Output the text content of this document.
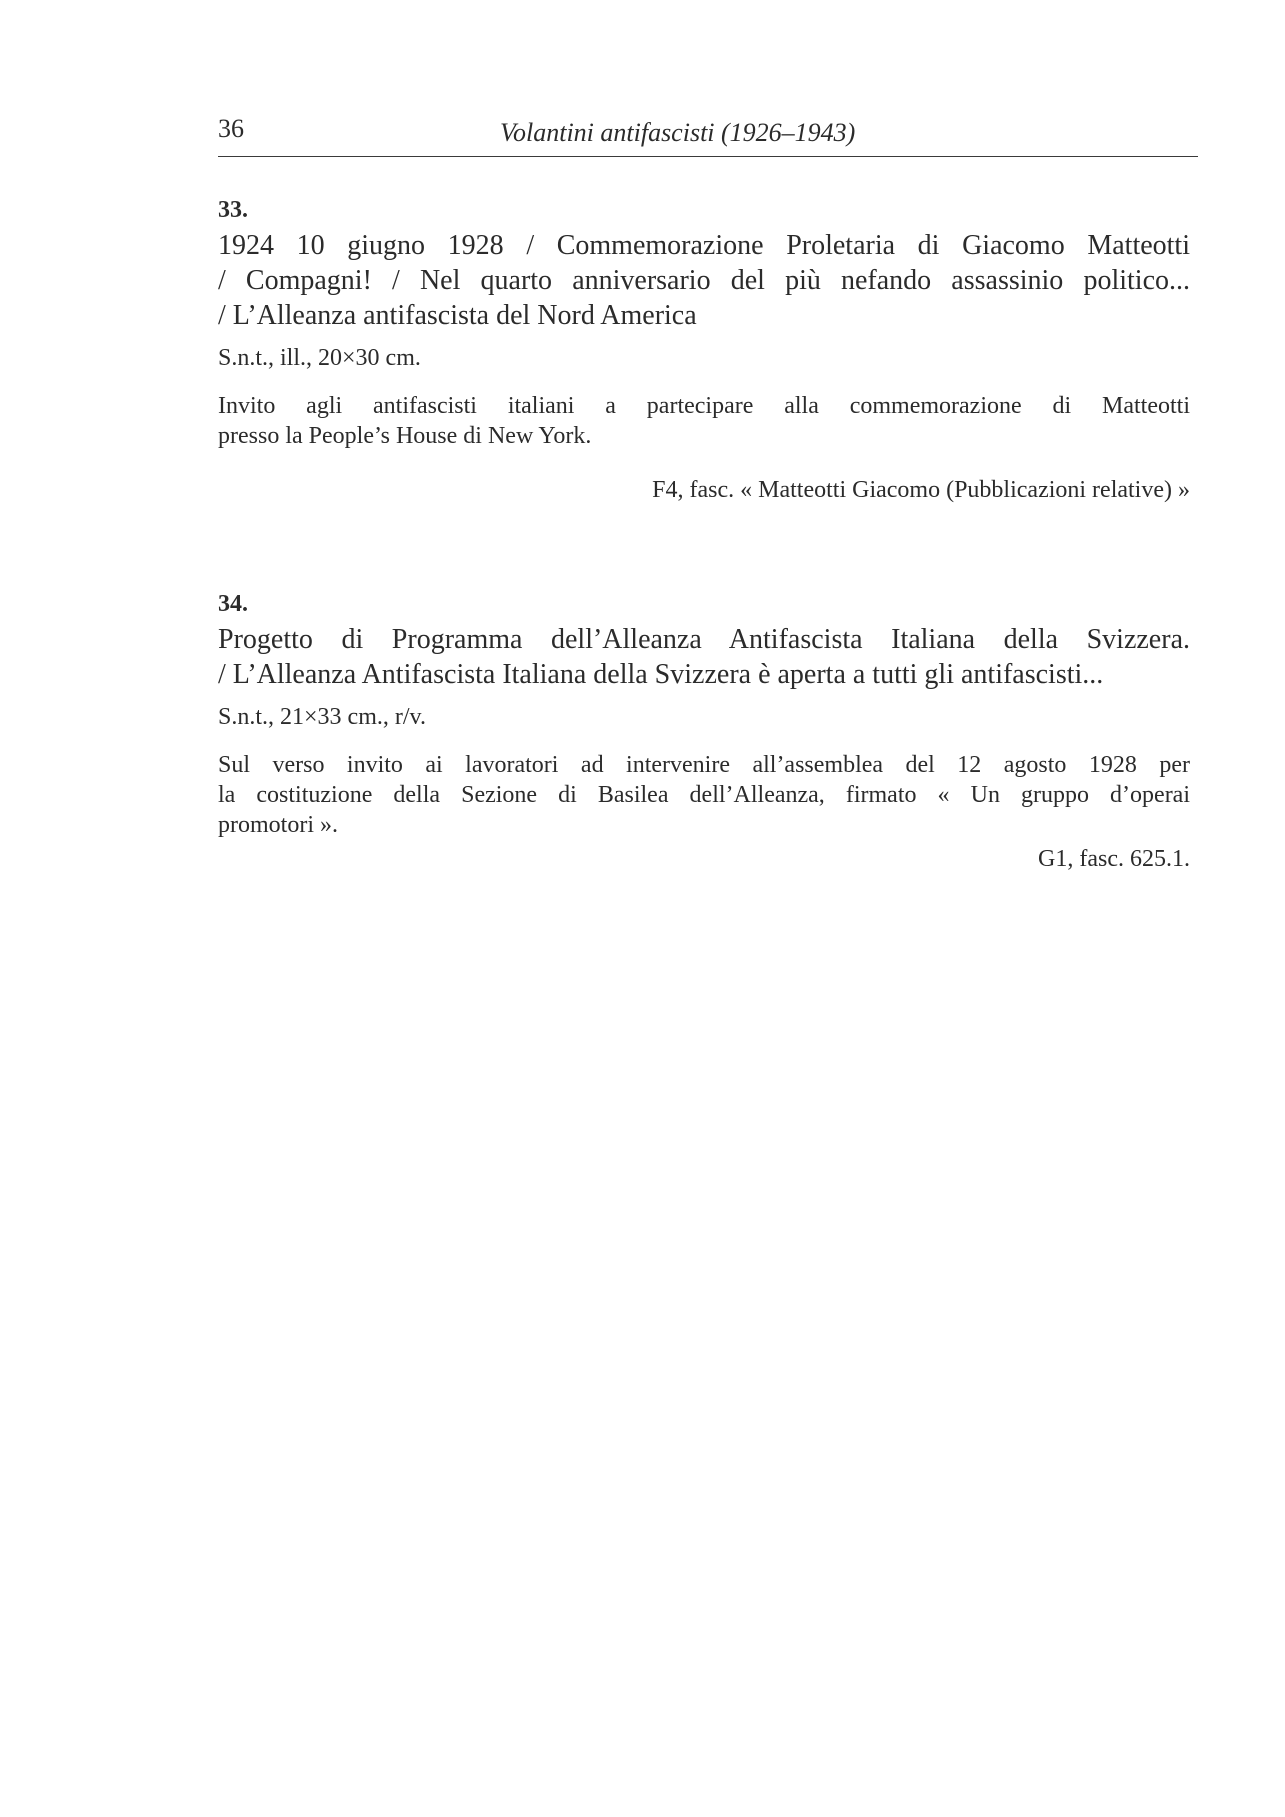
36	Volantini antifascisti (1926–1943)
33.
1924 10 giugno 1928 / Commemorazione Proletaria di Giacomo Matteotti
/ Compagni! / Nel quarto anniversario del più nefando assassinio politico...
/ L’Alleanza antifascista del Nord America
S.n.t., ill., 20×30 cm.
Invito agli antifascisti italiani a partecipare alla commemorazione di Matteotti
presso la People’s House di New York.
F4, fasc. « Matteotti Giacomo (Pubblicazioni relative) »
34.
Progetto di Programma dell’Alleanza Antifascista Italiana della Svizzera.
/ L’Alleanza Antifascista Italiana della Svizzera è aperta a tutti gli antifascisti...
S.n.t., 21×33 cm., r/v.
Sul verso invito ai lavoratori ad intervenire all’assemblea del 12 agosto 1928 per
la costituzione della Sezione di Basilea dell’Alleanza, firmato « Un gruppo d’operai
promotori ».
G1, fasc. 625.1.
